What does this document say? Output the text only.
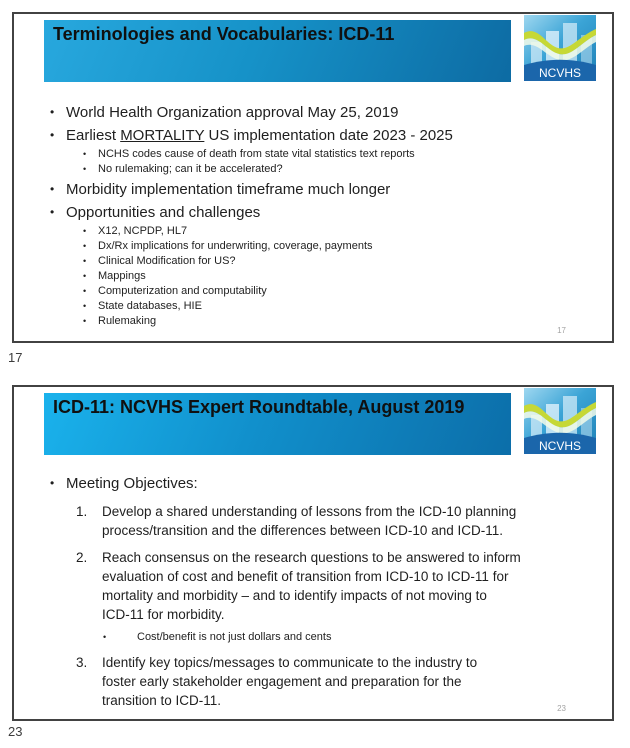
Terminologies and Vocabularies: ICD-11
NCVHS
•
World Health Organization approval May 25, 2019
•
Earliest MORTALITY US implementation date 2023 - 2025
•
NCHS codes cause of death from state vital statistics text reports
•
No rulemaking; can it be accelerated?
•
Morbidity implementation timeframe much longer
•
Opportunities and challenges
•
X12, NCPDP, HL7
•
Dx/Rx implications for underwriting, coverage, payments
•
Clinical Modification for US?
•
Mappings
•
Computerization and computability
•
State databases, HIE
•
Rulemaking
17
17
ICD-11: NCVHS Expert Roundtable, August 2019
NCVHS
•
Meeting Objectives:
1.	Develop a shared understanding of lessons from the ICD-10 planning
process/transition and the differences between ICD-10 and ICD-11.
2.	Reach consensus on the research questions to be answered to inform
evaluation of cost and benefit of transition from ICD-10 to ICD-11 for
mortality and morbidity – and to identify impacts of not moving to
ICD-11 for morbidity.
•
Cost/benefit is not just dollars and cents
3.	Identify key topics/messages to communicate to the industry to
foster early stakeholder engagement and preparation for the
transition to ICD-11.
23
23
